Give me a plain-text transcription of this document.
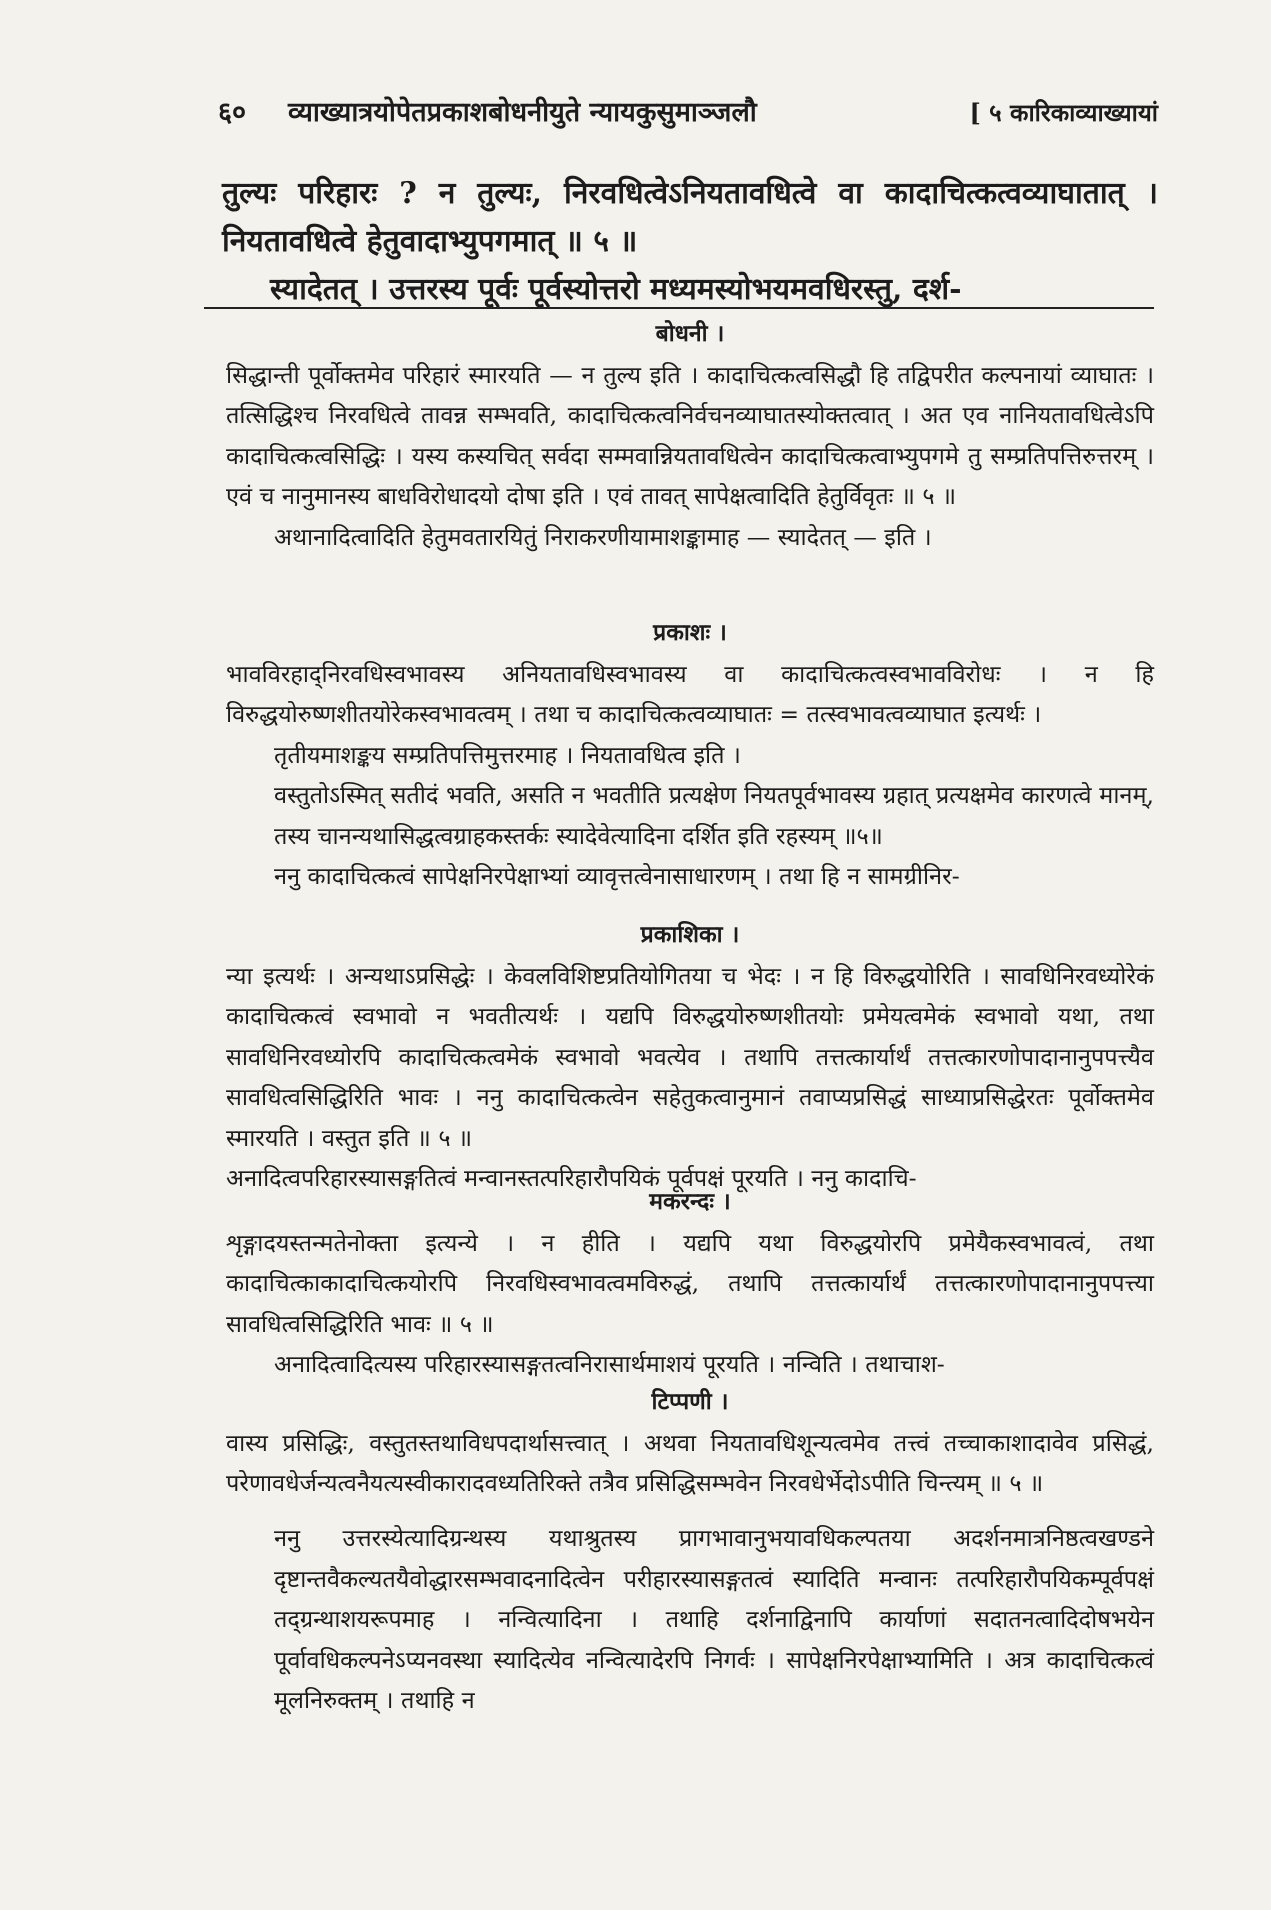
६०	व्याख्यात्रयोपेतप्रकाशबोधनीयुते न्यायकुसुमाञ्जलौ	[ ५ कारिकाव्याख्यायां

तुल्यः परिहारः ? न तुल्यः, निरवधित्वेऽनियतावधित्वे वा कादाचित्कत्वव्याघातात् । नियतावधित्वे हेतुवादाभ्युपगमात् ॥ ५ ॥

स्यादेतत् । उत्तरस्य पूर्वः पूर्वस्योत्तरो मध्यमस्योभयमवधिरस्तु, दर्श-

बोधनी ।

सिद्धान्ती पूर्वोक्तमेव परिहारं स्मारयति — न तुल्य इति । कादाचित्कत्वसिद्धौ हि तद्विपरीत कल्पनायां व्याघातः । तत्सिद्धिश्च निरवधित्वे तावन्न सम्भवति, कादाचित्कत्वनिर्वचनव्याघातस्योक्तत्वात् । अत एव नानियतावधित्वेऽपि कादाचित्कत्वसिद्धिः । यस्य कस्यचित् सर्वदा सम्मवान्नियतावधित्वेन कादाचित्कत्वाभ्युपगमे तु सम्प्रतिपत्तिरुत्तरम् । एवं च नानुमानस्य बाधविरोधादयो दोषा इति । एवं तावत् सापेक्षत्वादिति हेतुर्विवृतः ॥ ५ ॥

अथानादित्वादिति हेतुमवतारयितुं निराकरणीयामाशङ्कामाह — स्यादेतत् — इति ।

प्रकाशः ।

भावविरहाद्निरवधिस्वभावस्य अनियतावधिस्वभावस्य वा कादाचित्कत्वस्वभावविरोधः । न हि विरुद्धयोरुष्णशीतयोरेकस्वभावत्वम् । तथा च कादाचित्कत्वव्याघातः = तत्स्वभावत्वव्याघात इत्यर्थः ।

तृतीयमाशङ्कय सम्प्रतिपत्तिमुत्तरमाह । नियतावधित्व इति ।

वस्तुतोऽस्मित् सतीदं भवति, असति न भवतीति प्रत्यक्षेण नियतपूर्वभावस्य ग्रहात् प्रत्यक्षमेव कारणत्वे मानम्, तस्य चानन्यथासिद्धत्वग्राहकस्तर्कः स्यादेवेत्यादिना दर्शित इति रहस्यम् ॥५॥

ननु कादाचित्कत्वं सापेक्षनिरपेक्षाभ्यां व्यावृत्तत्वेनासाधारणम् । तथा हि न सामग्रीनिर-

प्रकाशिका ।

न्या इत्यर्थः । अन्यथाऽप्रसिद्धेः । केवलविशिष्टप्रतियोगितया च भेदः । न हि विरुद्धयोरिति । सावधिनिरवध्योरेकं कादाचित्कत्वं स्वभावो न भवतीत्यर्थः । यद्यपि विरुद्धयोरुष्णशीतयोः प्रमेयत्वमेकं स्वभावो यथा, तथा सावधिनिरवध्योरपि कादाचित्कत्वमेकं स्वभावो भवत्येव । तथापि तत्तत्कार्यार्थं तत्तत्कारणोपादानानुपपत्त्यैव सावधित्वसिद्धिरिति भावः । ननु कादाचित्कत्वेन सहेतुकत्वानुमानं तवाप्यप्रसिद्धं साध्याप्रसिद्धेरतः पूर्वोक्तमेव स्मारयति । वस्तुत इति ॥ ५ ॥

अनादित्वपरिहारस्यासङ्गतित्वं मन्वानस्तत्परिहारौपयिकं पूर्वपक्षं पूरयति । ननु कादाचि-

मकरन्दः ।

शृङ्गादयस्तन्मतेनोक्ता इत्यन्ये । न हीति । यद्यपि यथा विरुद्धयोरपि प्रमेयैकस्वभावत्वं, तथा कादाचित्काकादाचित्कयोरपि निरवधिस्वभावत्वमविरुद्धं, तथापि तत्तत्कार्यार्थं तत्तत्कारणोपादानानुपपत्त्या सावधित्वसिद्धिरिति भावः ॥ ५ ॥

अनादित्वादित्यस्य परिहारस्यासङ्गतत्वनिरासार्थमाशयं पूरयति । नन्विति । तथाचाश-

टिप्पणी ।

वास्य प्रसिद्धिः, वस्तुतस्तथाविधपदार्थासत्त्वात् । अथवा नियतावधिशून्यत्वमेव तत्त्वं तच्चाकाशादावेव प्रसिद्धं, परेणावधेर्जन्यत्वनैयत्यस्वीकारादवध्यतिरिक्ते तत्रैव प्रसिद्धिसम्भवेन निरवधेर्भेदोऽपीति चिन्त्यम् ॥ ५ ॥

ननु उत्तरस्येत्यादिग्रन्थस्य यथाश्रुतस्य प्रागभावानुभयावधिकल्पतया अदर्शनमात्रनिष्ठत्वखण्डने दृष्टान्तवैकल्यतयैवोद्धारसम्भवादनादित्वेन परीहारस्यासङ्गतत्वं स्यादिति मन्वानः तत्परिहारौपयिकम्पूर्वपक्षं तद्ग्रन्थाशयरूपमाह । नन्वित्यादिना । तथाहि दर्शनाद्विनापि कार्याणां सदातनत्वादिदोषभयेन पूर्वावधिकल्पनेऽप्यनवस्था स्यादित्येव नन्वित्यादेरपि निगर्वः । सापेक्षनिरपेक्षाभ्यामिति । अत्र कादाचित्कत्वं मूलनिरुक्तम् । तथाहि न
